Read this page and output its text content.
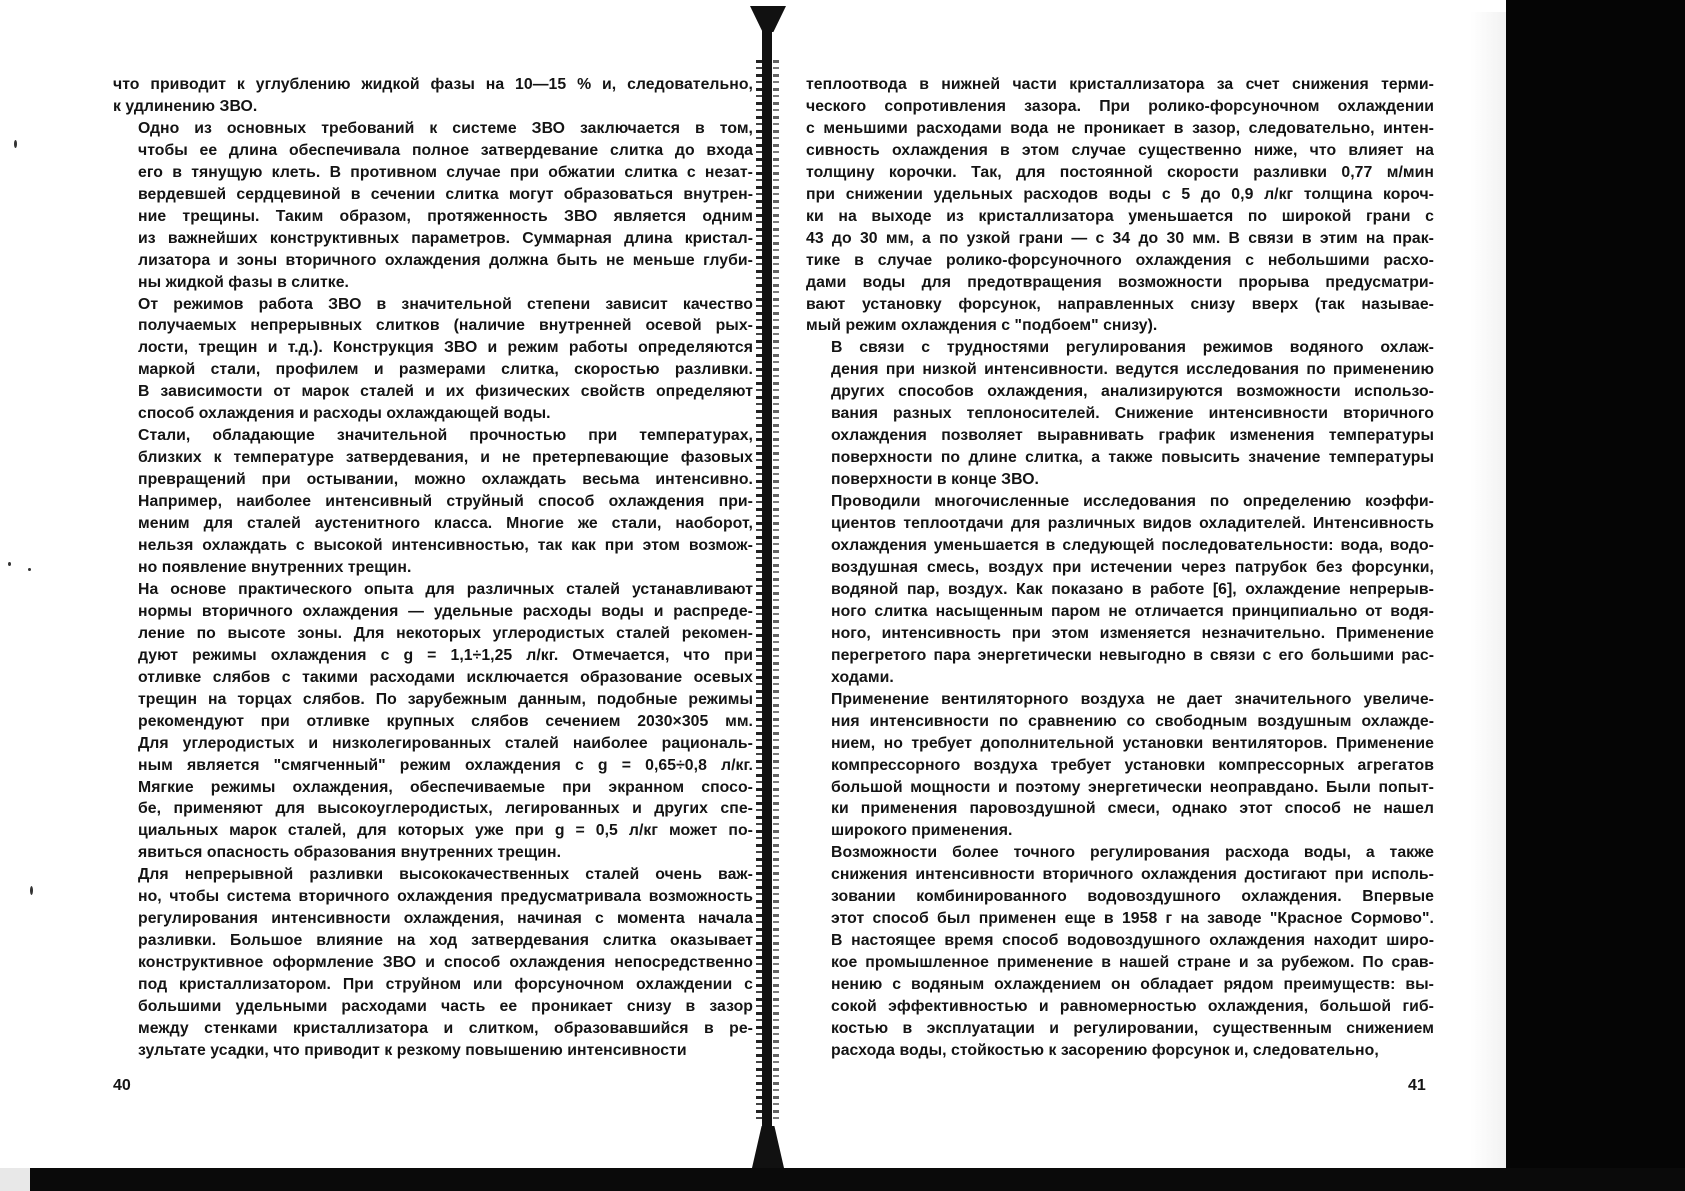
что приводит к углублению жидкой фазы на 10—15 % и, следовательно,
к удлинению ЗВО.

Одно из основных требований к системе ЗВО заключается в том,
чтобы ее длина обеспечивала полное затвердевание слитка до входа
его в тянущую клеть. В противном случае при обжатии слитка с незат-
вердевшей сердцевиной в сечении слитка могут образоваться внутрен-
ние трещины. Таким образом, протяженность ЗВО является одним
из важнейших конструктивных параметров. Суммарная длина кристал-
лизатора и зоны вторичного охлаждения должна быть не меньше глуби-
ны жидкой фазы в слитке.

От режимов работа ЗВО в значительной степени зависит качество
получаемых непрерывных слитков (наличие внутренней осевой рых-
лости, трещин и т.д.). Конструкция ЗВО и режим работы определяются
маркой стали, профилем и размерами слитка, скоростью разливки.
В зависимости от марок сталей и их физических свойств определяют
способ охлаждения и расходы охлаждающей воды.

Стали, обладающие значительной прочностью при температурах,
близких к температуре затвердевания, и не претерпевающие фазовых
превращений при остывании, можно охлаждать весьма интенсивно.
Например, наиболее интенсивный струйный способ охлаждения при-
меним для сталей аустенитного класса. Многие же стали, наоборот,
нельзя охлаждать с высокой интенсивностью, так как при этом возмож-
но появление внутренних трещин.

На основе практического опыта для различных сталей устанавливают
нормы вторичного охлаждения — удельные расходы воды и распреде-
ление по высоте зоны. Для некоторых углеродистых сталей рекомен-
дуют режимы охлаждения с g = 1,1÷1,25 л/кг. Отмечается, что при
отливке слябов с такими расходами исключается образование осевых
трещин на торцах слябов. По зарубежным данным, подобные режимы
рекомендуют при отливке крупных слябов сечением 2030×305 мм.
Для углеродистых и низколегированных сталей наиболее рациональ-
ным является "смягченный" режим охлаждения с g = 0,65÷0,8 л/кг.
Мягкие режимы охлаждения, обеспечиваемые при экранном спосо-
бе, применяют для высокоуглеродистых, легированных и других спе-
циальных марок сталей, для которых уже при g = 0,5 л/кг может по-
явиться опасность образования внутренних трещин.

Для непрерывной разливки высококачественных сталей очень важ-
но, чтобы система вторичного охлаждения предусматривала возможность
регулирования интенсивности охлаждения, начиная с момента начала
разливки. Большое влияние на ход затвердевания слитка оказывает
конструктивное оформление ЗВО и способ охлаждения непосредственно
под кристаллизатором. При струйном или форсуночном охлаждении с
большими удельными расходами часть ее проникает снизу в зазор
между стенками кристаллизатора и слитком, образовавшийся в ре-
зультате усадки, что приводит к резкому повышению интенсивности

40

теплоотвода в нижней части кристаллизатора за счет снижения терми-
ческого сопротивления зазора. При ролико-форсуночном охлаждении
с меньшими расходами вода не проникает в зазор, следовательно, интен-
сивность охлаждения в этом случае существенно ниже, что влияет на
толщину корочки. Так, для постоянной скорости разливки 0,77 м/мин
при снижении удельных расходов воды с 5 до 0,9 л/кг толщина короч-
ки на выходе из кристаллизатора уменьшается по широкой грани с
43 до 30 мм, а по узкой грани — с 34 до 30 мм. В связи в этим на прак-
тике в случае ролико-форсуночного охлаждения с небольшими расхо-
дами воды для предотвращения возможности прорыва предусматри-
вают установку форсунок, направленных снизу вверх (так называе-
мый режим охлаждения с "подбоем" снизу).

В связи с трудностями регулирования режимов водяного охлаж-
дения при низкой интенсивности. ведутся исследования по применению
других способов охлаждения, анализируются возможности использо-
вания разных теплоносителей. Снижение интенсивности вторичного
охлаждения позволяет выравнивать график изменения температуры
поверхности по длине слитка, а также повысить значение температуры
поверхности в конце ЗВО.

Проводили многочисленные исследования по определению коэффи-
циентов теплоотдачи для различных видов охладителей. Интенсивность
охлаждения уменьшается в следующей последовательности: вода, водо-
воздушная смесь, воздух при истечении через патрубок без форсунки,
водяной пар, воздух. Как показано в работе [6], охлаждение непрерыв-
ного слитка насыщенным паром не отличается принципиально от водя-
ного, интенсивность при этом изменяется незначительно. Применение
перегретого пара энергетически невыгодно в связи с его большими рас-
ходами.

Применение вентиляторного воздуха не дает значительного увеличе-
ния интенсивности по сравнению со свободным воздушным охлажде-
нием, но требует дополнительной установки вентиляторов. Применение
компрессорного воздуха требует установки компрессорных агрегатов
большой мощности и поэтому энергетически неоправдано. Были попыт-
ки применения паровоздушной смеси, однако этот способ не нашел
широкого применения.

Возможности более точного регулирования расхода воды, а также
снижения интенсивности вторичного охлаждения достигают при исполь-
зовании комбинированного водовоздушного охлаждения. Впервые
этот способ был применен еще в 1958 г на заводе "Красное Сормово".
В настоящее время способ водовоздушного охлаждения находит широ-
кое промышленное применение в нашей стране и за рубежом. По срав-
нению с водяным охлаждением он обладает рядом преимуществ: вы-
сокой эффективностью и равномерностью охлаждения, большой гиб-
костью в эксплуатации и регулировании, существенным снижением
расхода воды, стойкостью к засорению форсунок и, следовательно,

41
